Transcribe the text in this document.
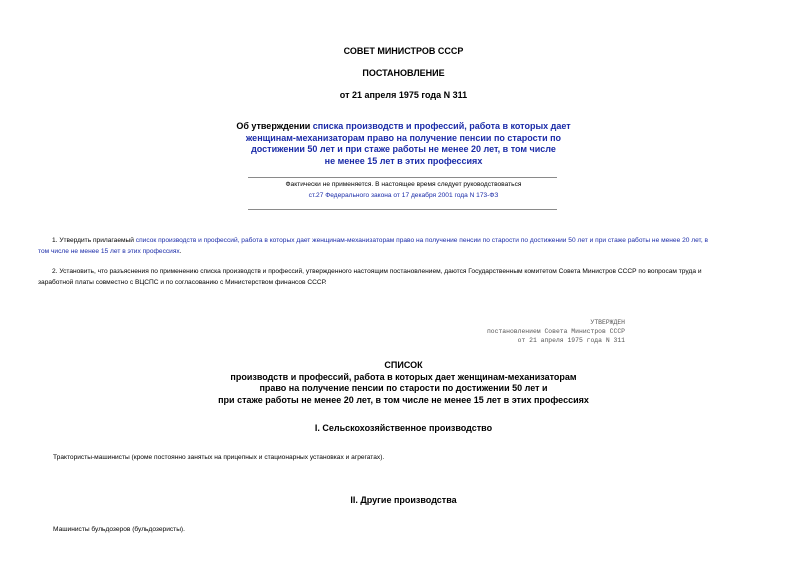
СОВЕТ МИНИСТРОВ СССР
ПОСТАНОВЛЕНИЕ
от 21 апреля 1975 года N 311

Об утверждении списка производств и профессий, работа в которых дает

женщинам-механизаторам право на получение пенсии по старости по

достижении 50 лет и при стаже работы не менее 20 лет, в том числе

не менее 15 лет в этих профессиях

Фактически не применяется. В настоящее время следует руководствоваться
ст.27 Федерального закона от 17 декабря 2001 года N 173-ФЗ

1. Утвердить прилагаемый список производств и профессий, работа в которых дает женщинам-механизаторам право на получение пенсии по старости по достижении 50 лет и при стаже работы не менее 20 лет, в

том числе не менее 15 лет в этих профессиях.

2. Установить, что разъяснения по применению списка производств и профессий, утвержденного настоящим постановлением, даются Государственным комитетом Совета Министров СССР по вопросам труда и

заработной платы совместно с ВЦСПС и по согласованию с Министерством финансов СССР.

УТВЕРЖДЕН

постановлением Совета Министров СССР

от 21 апреля 1975 года N 311

СПИСОК

производств и профессий, работа в которых дает женщинам-механизаторам

право на получение пенсии по старости по достижении 50 лет и

при стаже работы не менее 20 лет, в том числе не менее 15 лет в этих профессиях

I. Сельскохозяйственное производство
Трактористы-машинисты (кроме постоянно занятых на прицепных и стационарных установках и агрегатах).
II. Другие производства
Машинисты бульдозеров (бульдозеристы).
